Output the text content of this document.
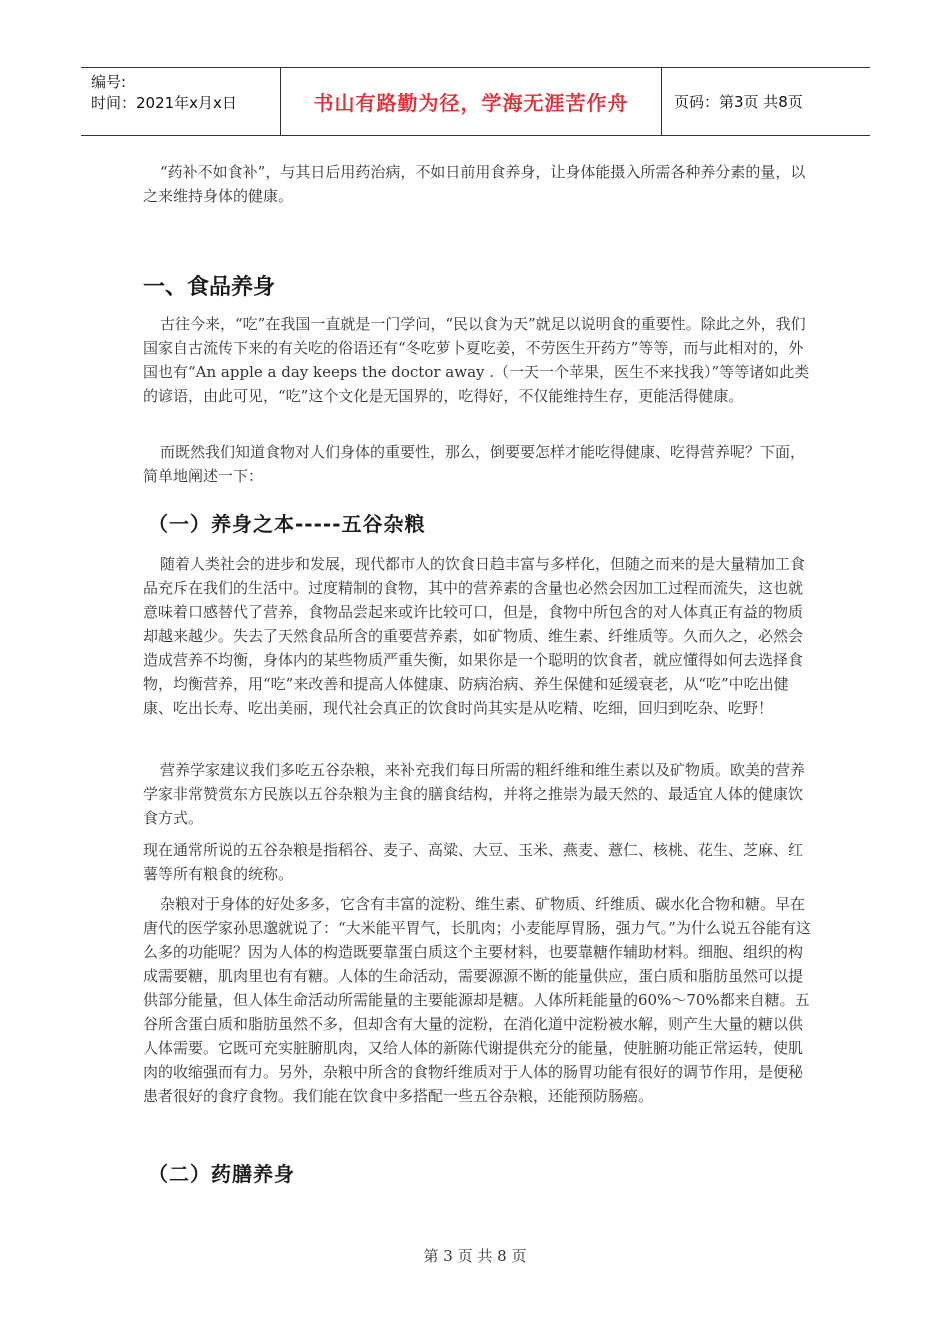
编号:
时间：2021年x月x日	书山有路勤为径，学海无涯苦作舟	页码：第3页 共8页

“药补不如食补”，与其日后用药治病，不如日前用食养身，让身体能摄入所需各种养分素的量，以之来维持身体的健康。

一、食品养身

古往今来，“吃”在我国一直就是一门学问，“民以食为天”就足以说明食的重要性。除此之外，我们国家自古流传下来的有关吃的俗语还有“冬吃萝卜夏吃姜，不劳医生开药方”等等，而与此相对的，外国也有“An apple a day keeps the doctor away .（一天一个苹果，医生不来找我）”等等诸如此类的谚语，由此可见，“吃”这个文化是无国界的，吃得好，不仅能维持生存，更能活得健康。

而既然我们知道食物对人们身体的重要性，那么，倒要要怎样才能吃得健康、吃得营养呢？下面，简单地阐述一下：

（一）养身之本-----五谷杂粮

随着人类社会的进步和发展，现代都市人的饮食日趋丰富与多样化，但随之而来的是大量精加工食品充斥在我们的生活中。过度精制的食物，其中的营养素的含量也必然会因加工过程而流失，这也就意味着口感替代了营养，食物品尝起来或许比较可口，但是，食物中所包含的对人体真正有益的物质却越来越少。失去了天然食品所含的重要营养素，如矿物质、维生素、纤维质等。久而久之，必然会造成营养不均衡，身体内的某些物质严重失衡，如果你是一个聪明的饮食者，就应懂得如何去选择食物，均衡营养，用“吃”来改善和提高人体健康、防病治病、养生保健和延缓衰老，从“吃”中吃出健康、吃出长寿、吃出美丽，现代社会真正的饮食时尚其实是从吃精、吃细，回归到吃杂、吃野！

营养学家建议我们多吃五谷杂粮，来补充我们每日所需的粗纤维和维生素以及矿物质。欧美的营养学家非常赞赏东方民族以五谷杂粮为主食的膳食结构，并将之推崇为最天然的、最适宜人体的健康饮食方式。

现在通常所说的五谷杂粮是指稻谷、麦子、高粱、大豆、玉米、燕麦、薏仁、核桃、花生、芝麻、红薯等所有粮食的统称。

杂粮对于身体的好处多多，它含有丰富的淀粉、维生素、矿物质、纤维质、碳水化合物和糖。早在唐代的医学家孙思邈就说了：“大米能平胃气，长肌肉；小麦能厚胃肠，强力气。”为什么说五谷能有这么多的功能呢？因为人体的构造既要靠蛋白质这个主要材料，也要靠糖作辅助材料。细胞、组织的构成需要糖，肌肉里也有有糖。人体的生命活动，需要源源不断的能量供应，蛋白质和脂肪虽然可以提供部分能量，但人体生命活动所需能量的主要能源却是糖。人体所耗能量的60%～70%都来自糖。五谷所含蛋白质和脂肪虽然不多，但却含有大量的淀粉，在消化道中淀粉被水解，则产生大量的糖以供人体需要。它既可充实脏腑肌肉，又给人体的新陈代谢提供充分的能量，使脏腑功能正常运转，使肌肉的收缩强而有力。另外，杂粮中所含的食物纤维质对于人体的肠胃功能有很好的调节作用，是便秘患者很好的食疗食物。我们能在饮食中多搭配一些五谷杂粮，还能预防肠癌。

（二）药膳养身
第 3 页 共 8 页
